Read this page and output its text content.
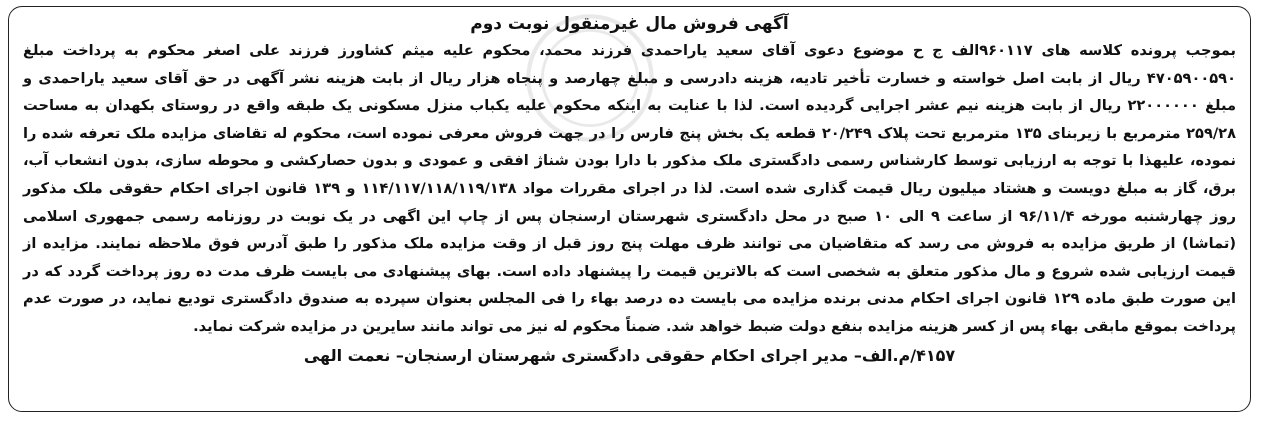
آگهی فروش مال غیرمنقول نوبت دوم

بموجب پرونده کلاسه های ۹۶۰۱۱۷الف ج ح موضوع دعوی آقای سعید یاراحمدی فرزند محمد، محکوم علیه میثم کشاورز فرزند علی اصغر محکوم به پرداخت مبلغ ۴۷۰۵۹۰۰۵۹۰ ریال از بابت اصل خواسته و خسارت تأخیر تادیه، هزینه دادرسی و مبلغ چهارصد و پنجاه هزار ریال از بابت هزینه نشر آگهی در حق آقای سعید یاراحمدی و مبلغ ۲۲۰۰۰۰۰۰ ریال از بابت هزینه نیم عشر اجرایی گردیده است. لذا با عنایت به اینکه محکوم علیه یکباب منزل مسکونی یک طبقه واقع در روستای بکهدان به مساحت ۲۵۹/۲۸ مترمربع با زیربنای ۱۳۵ مترمربع تحت پلاک ۲۰/۲۴۹ قطعه یک بخش پنج فارس را در جهت فروش معرفی نموده است، محکوم له تقاضای مزایده ملک تعرفه شده را نموده، علیهذا با توجه به ارزیابی توسط کارشناس رسمی دادگستری ملک مذکور با دارا بودن شناژ افقی و عمودی و بدون حصارکشی و محوطه سازی، بدون انشعاب آب، برق، گاز به مبلغ دویست و هشتاد میلیون ریال قیمت گذاری شده است. لذا در اجرای مقررات مواد ۱۱۴/۱۱۷/۱۱۸/۱۱۹/۱۳۸ و ۱۳۹ قانون اجرای احکام حقوقی ملک مذکور روز چهارشنبه مورخه ۹۶/۱۱/۴ از ساعت ۹ الی ۱۰ صبح در محل دادگستری شهرستان ارسنجان پس از چاپ این اگهی در یک نوبت در روزنامه رسمی جمهوری اسلامی (تماشا) از طریق مزایده به فروش می رسد که متقاضیان می توانند ظرف مهلت پنج روز قبل از وقت مزایده ملک مذکور را طبق آدرس فوق ملاحظه نمایند. مزایده از قیمت ارزیابی شده شروع و مال مذکور متعلق به شخصی است که بالاترین قیمت را پیشنهاد داده است. بهای پیشنهادی می بایست ظرف مدت ده روز پرداخت گردد که در این صورت طبق ماده ۱۲۹ قانون اجرای احکام مدنی برنده مزایده می بایست ده درصد بهاء را فی المجلس بعنوان سپرده به صندوق دادگستری تودیع نماید، در صورت عدم پرداخت بموقع مابقی بهاء پس از کسر هزینه مزایده بنفع دولت ضبط خواهد شد. ضمناً محکوم له نیز می تواند مانند سایرین در مزایده شرکت نماید.

۴۱۵۷/م.الف– مدیر اجرای احکام حقوقی دادگستری شهرستان ارسنجان– نعمت الهی
